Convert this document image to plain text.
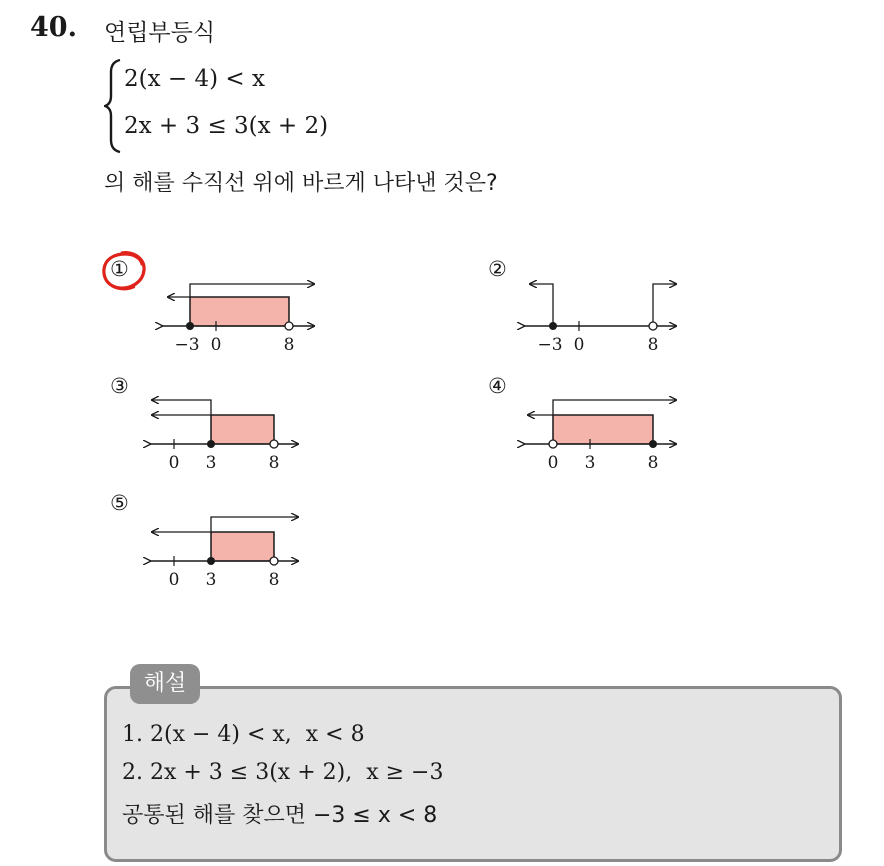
40. 연립부등식
2(x − 4) < x
2x + 3 ≤ 3(x + 2)
의 해를 수직선 위에 바르게 나타낸 것은?
①	②
③	④
⑤
−3 0	8	−3 0	8
0 3	8	0 3	8
0 3	8
해설
1. 2(x − 4) < x,  x < 8
2. 2x + 3 ≤ 3(x + 2),  x ≥ −3
공통된 해를 찾으면 −3 ≤ x < 8
